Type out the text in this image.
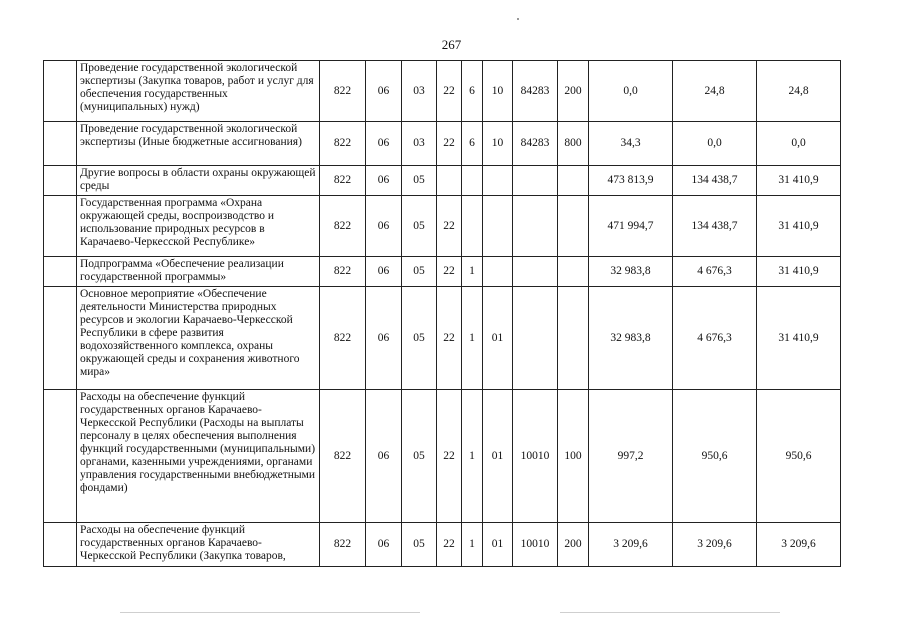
267
	Проведение государственной экологической экспертизы (Закупка товаров, работ и услуг для обеспечения государственных (муниципальных) нужд)	822	06	03	22	6	10	84283	200	0,0	24,8	24,8
	Проведение государственной экологической экспертизы (Иные бюджетные ассигнования)	822	06	03	22	6	10	84283	800	34,3	0,0	0,0
	Другие вопросы в области охраны окружающей среды	822	06	05						473 813,9	134 438,7	31 410,9
	Государственная программа «Охрана окружающей среды, воспроизводство и использование природных ресурсов в Карачаево-Черкесской Республике»	822	06	05	22					471 994,7	134 438,7	31 410,9
	Подпрограмма «Обеспечение реализации государственной программы»	822	06	05	22	1				32 983,8	4 676,3	31 410,9
	Основное мероприятие «Обеспечение деятельности Министерства природных ресурсов и экологии Карачаево-Черкесской Республики в сфере развития водохозяйственного комплекса, охраны окружающей среды и сохранения животного мира»	822	06	05	22	1	01			32 983,8	4 676,3	31 410,9
	Расходы на обеспечение функций государственных органов Карачаево-Черкесской Республики (Расходы на выплаты персоналу в целях обеспечения выполнения функций государственными (муниципальными) органами, казенными учреждениями, органами управления государственными внебюджетными фондами)	822	06	05	22	1	01	10010	100	997,2	950,6	950,6
	Расходы на обеспечение функций государственных органов Карачаево-Черкесской Республики (Закупка товаров,	822	06	05	22	1	01	10010	200	3 209,6	3 209,6	3 209,6
